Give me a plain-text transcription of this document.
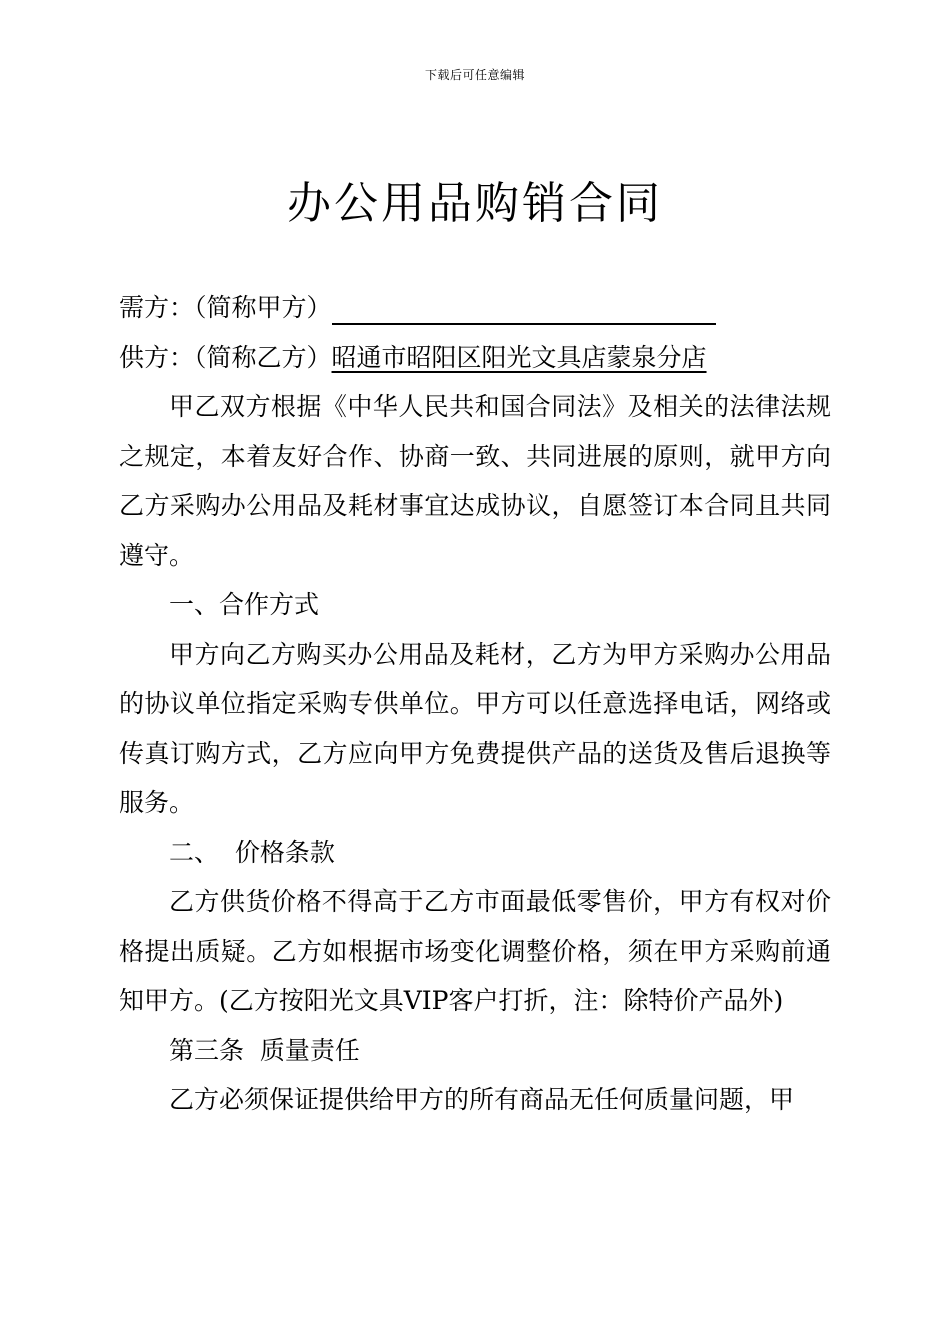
下载后可任意编辑
办公用品购销合同
需方：（简称甲方）
供方：（简称乙方）昭通市昭阳区阳光文具店蒙泉分店

甲乙双方根据《中华人民共和国合同法》及相关的法律法规之规定，本着友好合作、协商一致、共同进展的原则，就甲方向乙方采购办公用品及耗材事宜达成协议，自愿签订本合同且共同遵守。

一、合作方式

甲方向乙方购买办公用品及耗材，乙方为甲方采购办公用品的协议单位指定采购专供单位。甲方可以任意选择电话，网络或传真订购方式，乙方应向甲方免费提供产品的送货及售后退换等服务。

二、  价格条款

乙方供货价格不得高于乙方市面最低零售价，甲方有权对价格提出质疑。乙方如根据市场变化调整价格，须在甲方采购前通知甲方。(乙方按阳光文具VIP客户打折，注：除特价产品外)

第三条  质量责任

乙方必须保证提供给甲方的所有商品无任何质量问题，甲
